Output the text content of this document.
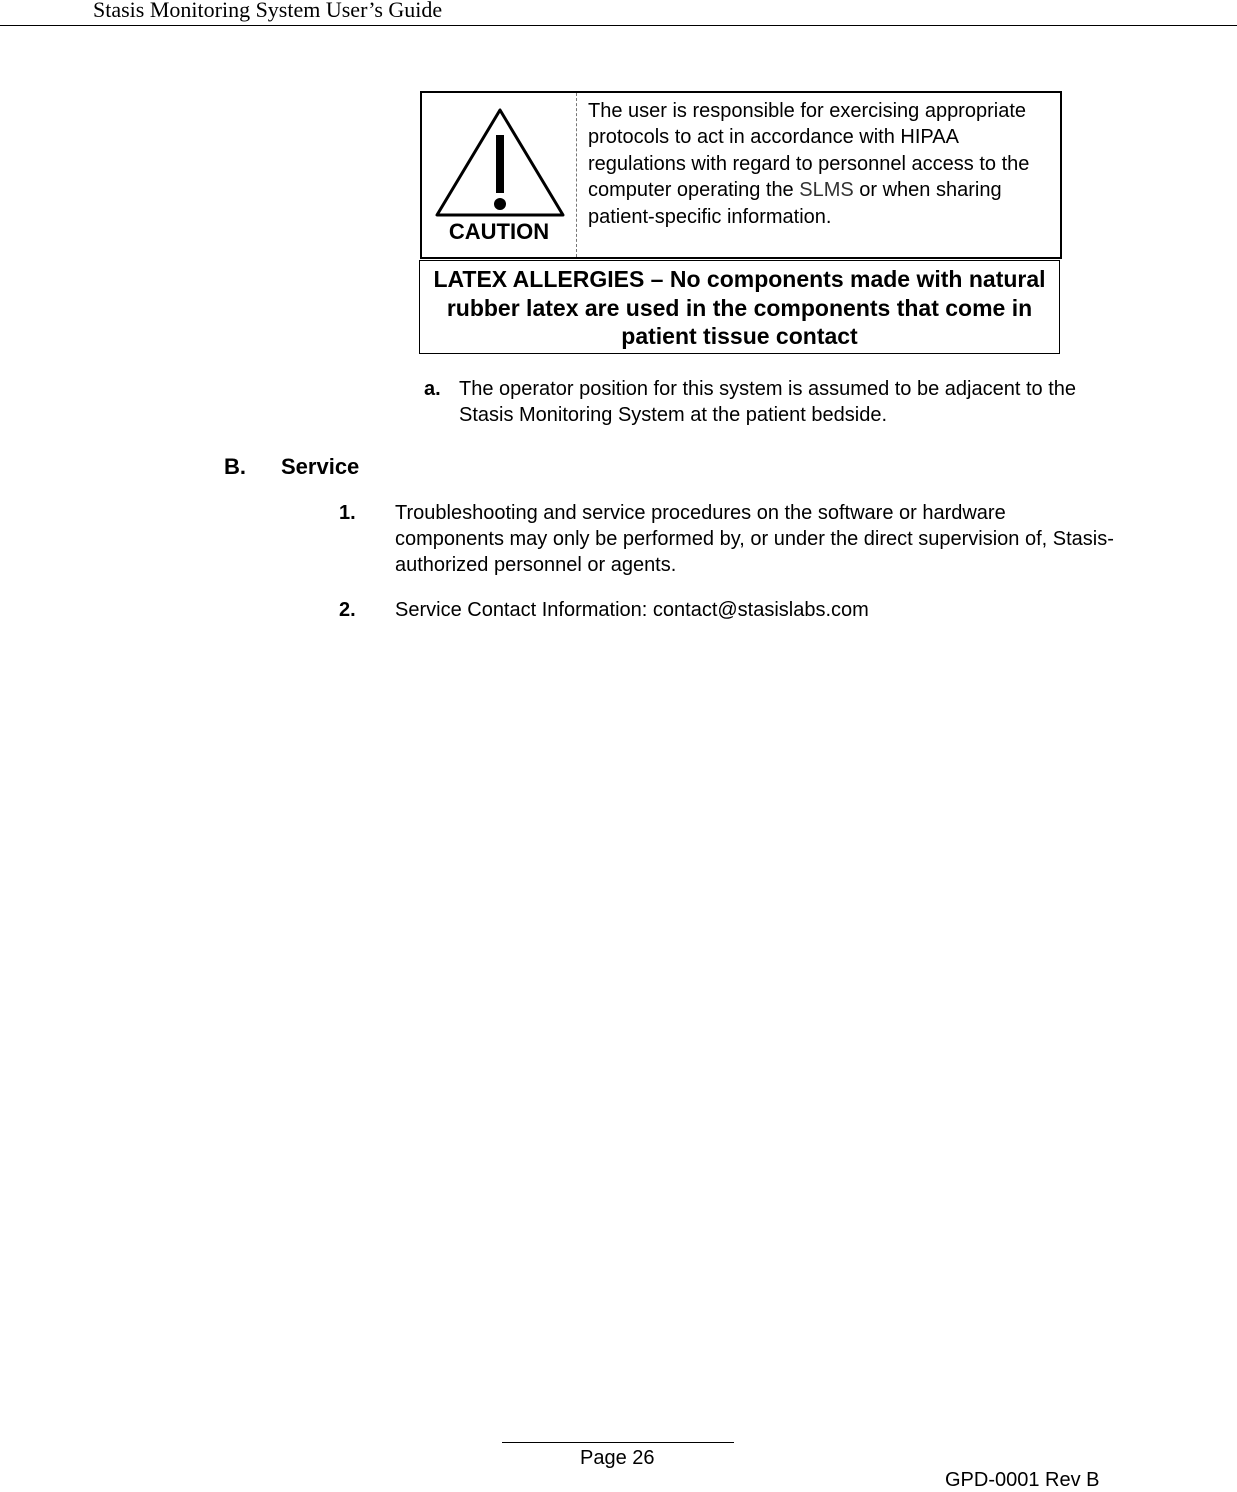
Stasis Monitoring System User’s Guide
CAUTION
The user is responsible for exercising appropriate protocols to act in accordance with HIPAA regulations with regard to personnel access to the computer operating the SLMS or when sharing patient-specific information.
LATEX ALLERGIES – No components made with natural rubber latex are used in the components that come in patient tissue contact
a. The operator position for this system is assumed to be adjacent to the Stasis Monitoring System at the patient bedside.
B. Service
1. Troubleshooting and service procedures on the software or hardware components may only be performed by, or under the direct supervision of, Stasis-authorized personnel or agents.
2. Service Contact Information: contact@stasislabs.com
Page 26
GPD-0001 Rev B
